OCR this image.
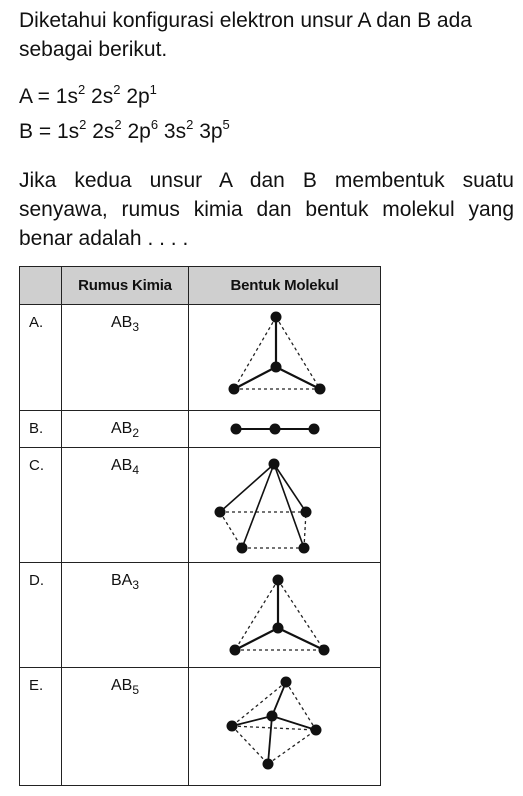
Diketahui konfigurasi elektron unsur A dan B ada sebagai berikut.
$A = 1s^2$ $2s^2$ $2p^1$
$B = 1s^2$ $2s^2$ $2p^6$ $3s^2$ $3p^5$
Jika kedua unsur A dan B membentuk suatu senyawa, rumus kimia dan bentuk molekul yang benar adalah . . . .
	Rumus Kimia	Bentuk Molekul

A.	$AB_3$

B.	$AB_2$

C.	$AB_4$

D.	$BA_3$

E.	$AB_5$
